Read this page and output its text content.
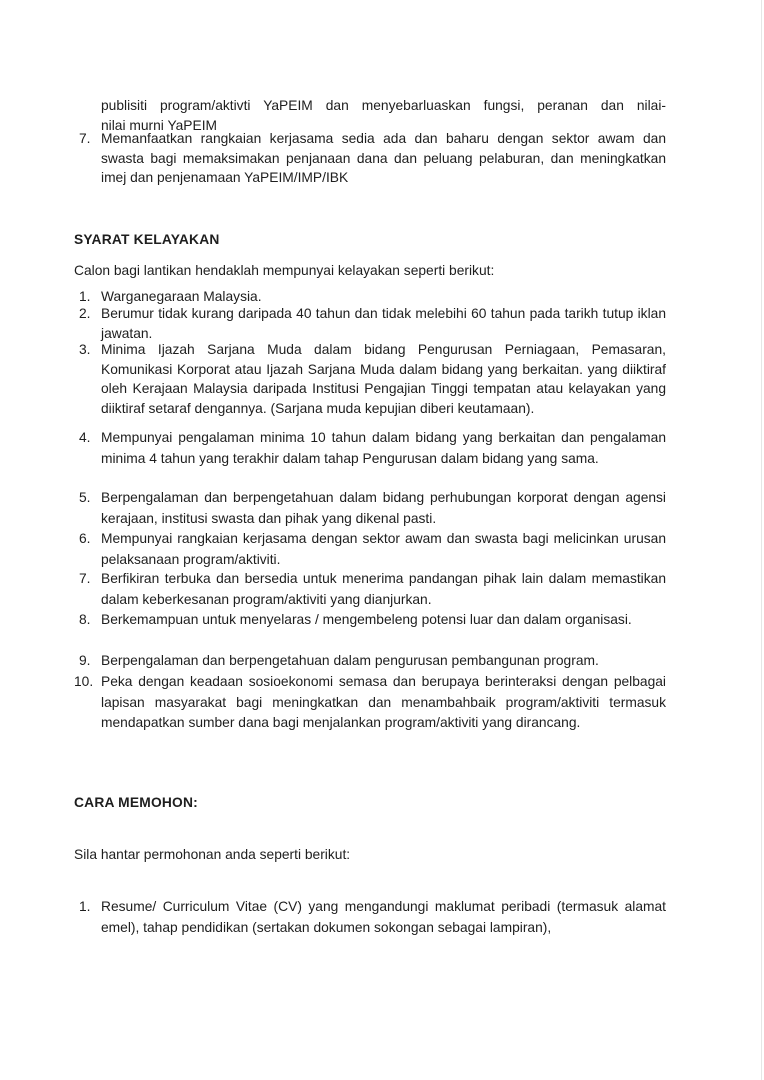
publisiti program/aktivti YaPEIM dan menyebarluaskan fungsi, peranan dan nilai-
nilai murni YaPEIM
7. Memanfaatkan rangkaian kerjasama sedia ada dan baharu dengan sektor awam dan swasta bagi memaksimakan penjanaan dana dan peluang pelaburan, dan meningkatkan imej dan penjenamaan YaPEIM/IMP/IBK
SYARAT KELAYAKAN
Calon bagi lantikan hendaklah mempunyai kelayakan seperti berikut:
1. Warganegaraan Malaysia.
2. Berumur tidak kurang daripada 40 tahun dan tidak melebihi 60 tahun pada tarikh tutup iklan jawatan.
3. Minima Ijazah Sarjana Muda dalam bidang Pengurusan Perniagaan, Pemasaran, Komunikasi Korporat atau Ijazah Sarjana Muda dalam bidang yang berkaitan. yang diiktiraf oleh Kerajaan Malaysia daripada Institusi Pengajian Tinggi tempatan atau kelayakan yang diiktiraf setaraf dengannya. (Sarjana muda kepujian diberi keutamaan).
4. Mempunyai pengalaman minima 10 tahun dalam bidang yang berkaitan dan pengalaman minima 4 tahun yang terakhir dalam tahap Pengurusan dalam bidang yang sama.
5. Berpengalaman dan berpengetahuan dalam bidang perhubungan korporat dengan agensi kerajaan, institusi swasta dan pihak yang dikenal pasti.
6. Mempunyai rangkaian kerjasama dengan sektor awam dan swasta bagi melicinkan urusan pelaksanaan program/aktiviti.
7. Berfikiran terbuka dan bersedia untuk menerima pandangan pihak lain dalam memastikan dalam keberkesanan program/aktiviti yang dianjurkan.
8. Berkemampuan untuk menyelaras / mengembeleng potensi luar dan dalam organisasi.
9. Berpengalaman dan berpengetahuan dalam pengurusan pembangunan program.
10. Peka dengan keadaan sosioekonomi semasa dan berupaya berinteraksi dengan pelbagai lapisan masyarakat bagi meningkatkan dan menambahbaik program/aktiviti termasuk mendapatkan sumber dana bagi menjalankan program/aktiviti yang dirancang.
CARA MEMOHON:
Sila hantar permohonan anda seperti berikut:
1. Resume/ Curriculum Vitae (CV) yang mengandungi maklumat peribadi (termasuk alamat emel), tahap pendidikan (sertakan dokumen sokongan sebagai lampiran),
